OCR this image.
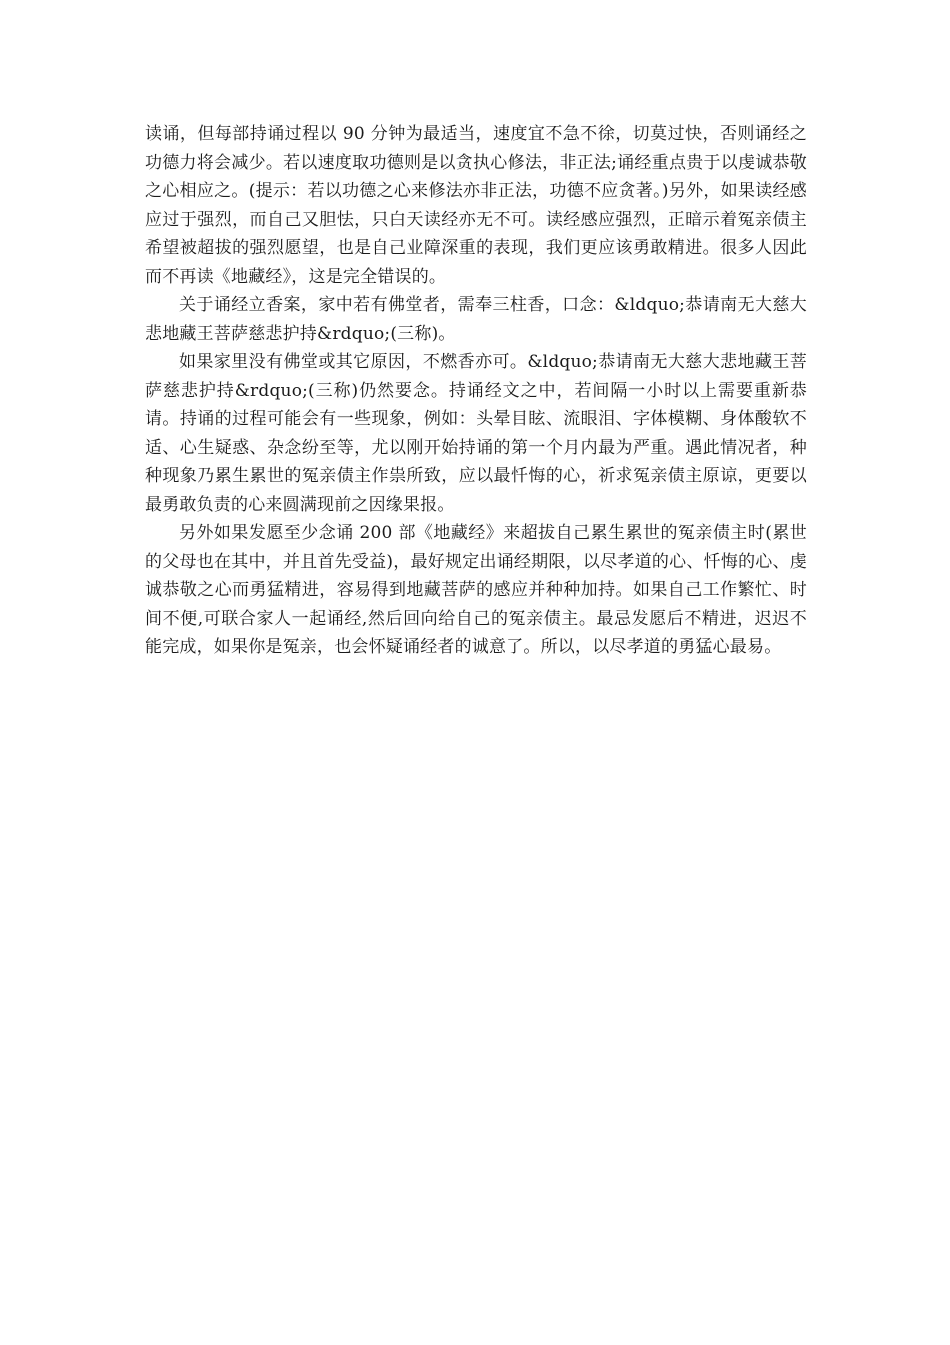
读诵，但每部持诵过程以 90 分钟为最适当，速度宜不急不徐，切莫过快，否则诵经之功德力将会减少。若以速度取功德则是以贪执心修法，非正法;诵经重点贵于以虔诚恭敬之心相应之。(提示：若以功德之心来修法亦非正法，功德不应贪著。)另外，如果读经感应过于强烈，而自己又胆怯，只白天读经亦无不可。读经感应强烈，正暗示着冤亲债主希望被超拔的强烈愿望，也是自己业障深重的表现，我们更应该勇敢精进。很多人因此而不再读《地藏经》，这是完全错误的。

关于诵经立香案，家中若有佛堂者，需奉三柱香，口念：&ldquo;恭请南无大慈大悲地藏王菩萨慈悲护持&rdquo;(三称)。

如果家里没有佛堂或其它原因，不燃香亦可。&ldquo;恭请南无大慈大悲地藏王菩萨慈悲护持&rdquo;(三称)仍然要念。持诵经文之中，若间隔一小时以上需要重新恭请。持诵的过程可能会有一些现象，例如：头晕目眩、流眼泪、字体模糊、身体酸软不适、心生疑惑、杂念纷至等，尤以刚开始持诵的第一个月内最为严重。遇此情况者，种种现象乃累生累世的冤亲债主作祟所致，应以最忏悔的心，祈求冤亲债主原谅，更要以最勇敢负责的心来圆满现前之因缘果报。

另外如果发愿至少念诵 200 部《地藏经》来超拔自己累生累世的冤亲债主时(累世的父母也在其中，并且首先受益)，最好规定出诵经期限，以尽孝道的心、忏悔的心、虔诚恭敬之心而勇猛精进，容易得到地藏菩萨的感应并种种加持。如果自己工作繁忙、时间不便,可联合家人一起诵经,然后回向给自己的冤亲债主。最忌发愿后不精进，迟迟不能完成，如果你是冤亲，也会怀疑诵经者的诚意了。所以，以尽孝道的勇猛心最易。
